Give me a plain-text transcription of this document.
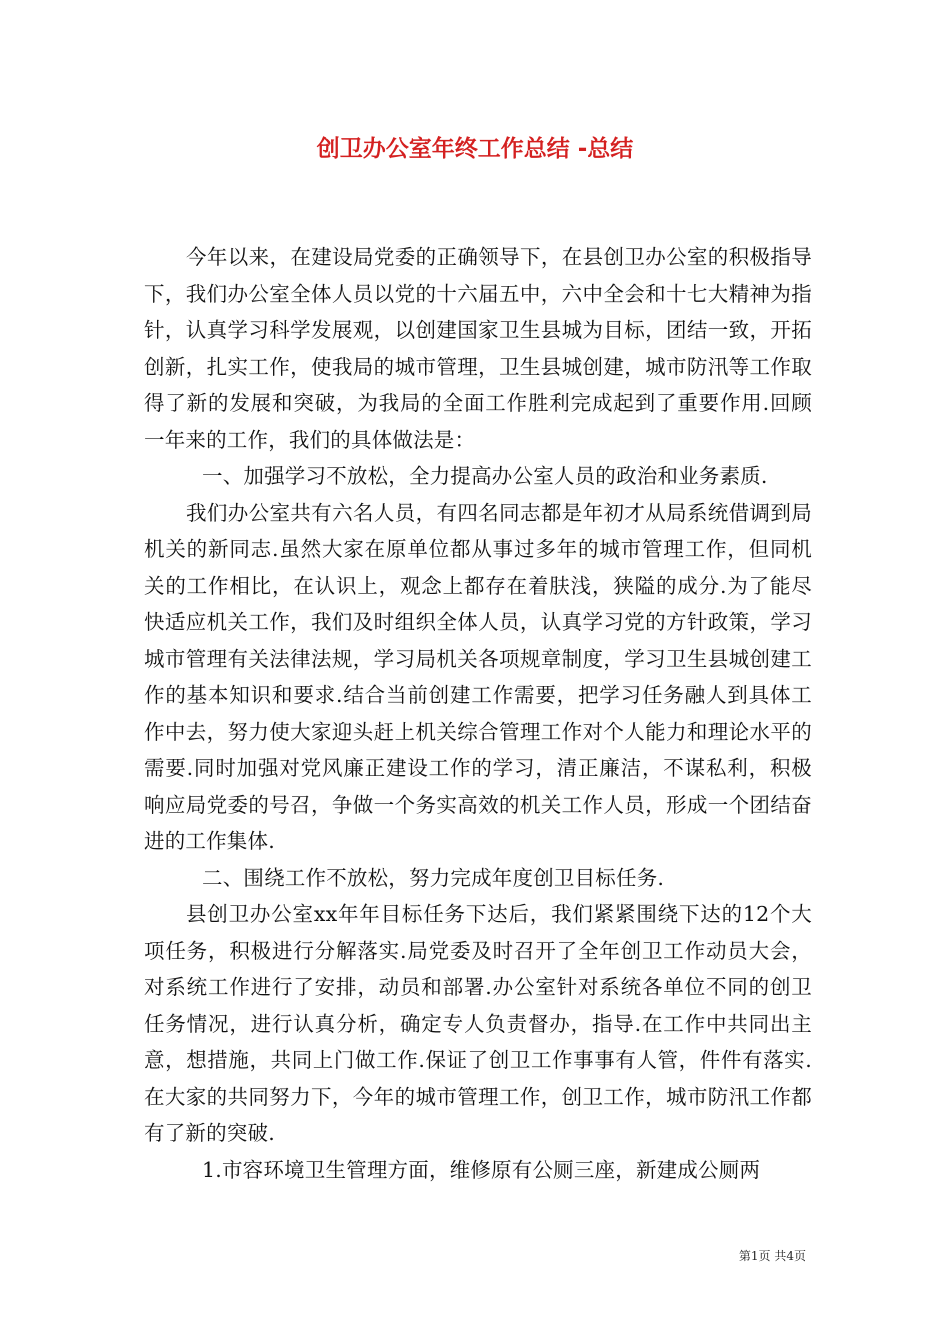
创卫办公室年终工作总结 -总结

今年以来，在建设局党委的正确领导下，在县创卫办公室的积极指导下，我们办公室全体人员以党的十六届五中，六中全会和十七大精神为指针，认真学习科学发展观，以创建国家卫生县城为目标，团结一致，开拓创新，扎实工作，使我局的城市管理，卫生县城创建，城市防汛等工作取得了新的发展和突破，为我局的全面工作胜利完成起到了重要作用.回顾一年来的工作，我们的具体做法是：

一、加强学习不放松，全力提高办公室人员的政治和业务素质.

我们办公室共有六名人员，有四名同志都是年初才从局系统借调到局机关的新同志.虽然大家在原单位都从事过多年的城市管理工作，但同机关的工作相比，在认识上，观念上都存在着肤浅，狭隘的成分.为了能尽快适应机关工作，我们及时组织全体人员，认真学习党的方针政策，学习城市管理有关法律法规，学习局机关各项规章制度，学习卫生县城创建工作的基本知识和要求.结合当前创建工作需要，把学习任务融人到具体工作中去，努力使大家迎头赶上机关综合管理工作对个人能力和理论水平的需要.同时加强对党风廉正建设工作的学习，清正廉洁，不谋私利，积极响应局党委的号召，争做一个务实高效的机关工作人员，形成一个团结奋进的工作集体.

二、围绕工作不放松，努力完成年度创卫目标任务.

县创卫办公室xx年年目标任务下达后，我们紧紧围绕下达的12个大项任务，积极进行分解落实.局党委及时召开了全年创卫工作动员大会，对系统工作进行了安排，动员和部署.办公室针对系统各单位不同的创卫任务情况，进行认真分析，确定专人负责督办，指导.在工作中共同出主意，想措施，共同上门做工作.保证了创卫工作事事有人管，件件有落实.在大家的共同努力下，今年的城市管理工作，创卫工作，城市防汛工作都有了新的突破.

1.市容环境卫生管理方面，维修原有公厕三座，新建成公厕两

第1页 共4页
